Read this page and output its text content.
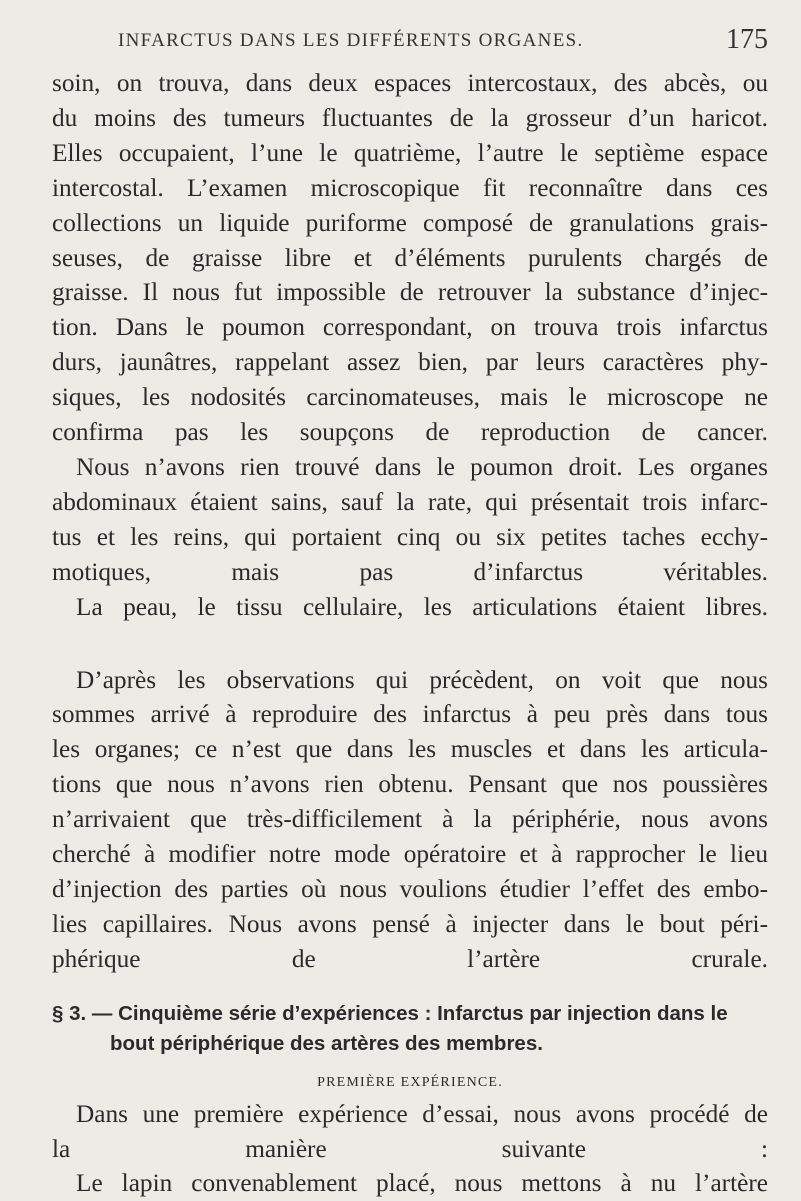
INFARCTUS DANS LES DIFFÉRENTS ORGANES.	175

soin, on trouva, dans deux espaces intercostaux, des abcès, ou
du moins des tumeurs fluctuantes de la grosseur d’un haricot.
Elles occupaient, l’une le quatrième, l’autre le septième espace
intercostal. L’examen microscopique fit reconnaître dans ces
collections un liquide puriforme composé de granulations grais-
seuses, de graisse libre et d’éléments purulents chargés de
graisse. Il nous fut impossible de retrouver la substance d’injec-
tion. Dans le poumon correspondant, on trouva trois infarctus
durs, jaunâtres, rappelant assez bien, par leurs caractères phy-
siques, les nodosités carcinomateuses, mais le microscope ne
confirma pas les soupçons de reproduction de cancer.

Nous n’avons rien trouvé dans le poumon droit. Les organes
abdominaux étaient sains, sauf la rate, qui présentait trois infarc-
tus et les reins, qui portaient cinq ou six petites taches ecchy-
motiques, mais pas d’infarctus véritables.

La peau, le tissu cellulaire, les articulations étaient libres.

D’après les observations qui précèdent, on voit que nous
sommes arrivé à reproduire des infarctus à peu près dans tous
les organes; ce n’est que dans les muscles et dans les articula-
tions que nous n’avons rien obtenu. Pensant que nos poussières
n’arrivaient que très-difficilement à la périphérie, nous avons
cherché à modifier notre mode opératoire et à rapprocher le lieu
d’injection des parties où nous voulions étudier l’effet des embo-
lies capillaires. Nous avons pensé à injecter dans le bout péri-
phérique de l’artère crurale.

§ 3. — Cinquième série d’expériences : Infarctus par injection dans le
bout périphérique des artères des membres.

PREMIÈRE EXPÉRIENCE.

Dans une première expérience d’essai, nous avons procédé de
la manière suivante :

Le lapin convenablement placé, nous mettons à nu l’artère
